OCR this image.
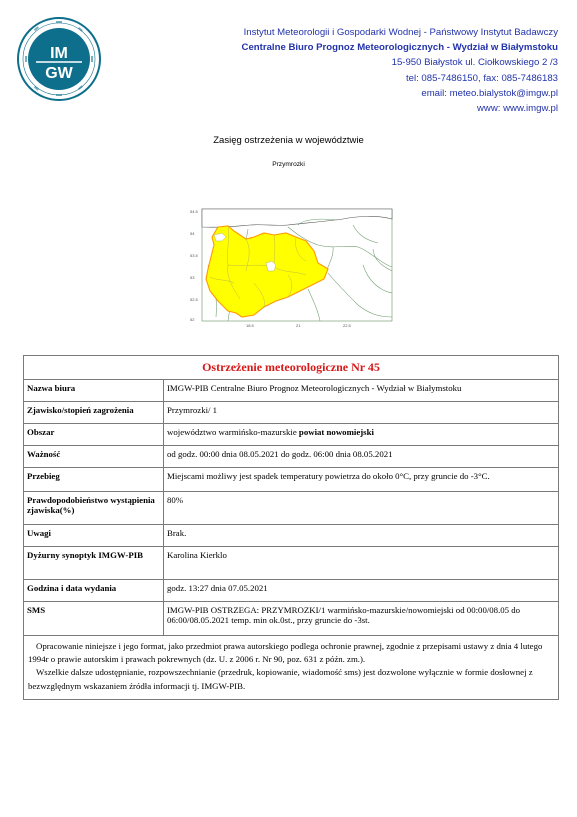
IM
GW
Instytut Meteorologii i Gospodarki Wodnej - Państwowy Instytut Badawczy
Centralne Biuro Prognoz Meteorologicznych - Wydział w Białymstoku
15-950 Białystok ul. Ciołkowskiego 2 /3
tel: 085-7486150, fax: 085-7486183
email: meteo.bialystok@imgw.pl
www: www.imgw.pl
Zasięg ostrzeżenia w województwie
Przymrozki
54.5
54
53.5
53
52.5
52
18.5	21	22.5
Ostrzeżenie meteorologiczne Nr 45	
Nazwa biura	IMGW-PIB Centralne Biuro Prognoz Meteorologicznych - Wydział w Białymstoku
Zjawisko/stopień zagrożenia	Przymrozki/ 1
Obszar	województwo warmińsko-mazurskie powiat nowomiejski
Ważność	od godz. 00:00 dnia 08.05.2021 do godz. 06:00 dnia 08.05.2021
Przebieg	Miejscami możliwy jest spadek temperatury powietrza do około 0°C, przy gruncie do -3°C.
Prawdopodobieństwo wystąpienia zjawiska(%)	80%
Uwagi	Brak.
Dyżurny synoptyk IMGW-PIB	Karolina Kierklo
Godzina i data wydania	godz. 13:27 dnia 07.05.2021
SMS	IMGW-PIB OSTRZEGA: PRZYMROZKI/1 warmińsko-mazurskie/nowomiejski od 00:00/08.05 do 06:00/08.05.2021 temp. min ok.0st., przy gruncie do -3st.

Opracowanie niniejsze i jego format, jako przedmiot prawa autorskiego podlega ochronie prawnej, zgodnie z przepisami ustawy z dnia 4 lutego 1994r o prawie autorskim i prawach pokrewnych (dz. U. z 2006 r. Nr 90, poz. 631 z późn. zm.).
Wszelkie dalsze udostępnianie, rozpowszechnianie (przedruk, kopiowanie, wiadomość sms) jest dozwolone wyłącznie w formie dosłownej z bezwzględnym wskazaniem źródła informacji tj. IMGW-PIB.	
